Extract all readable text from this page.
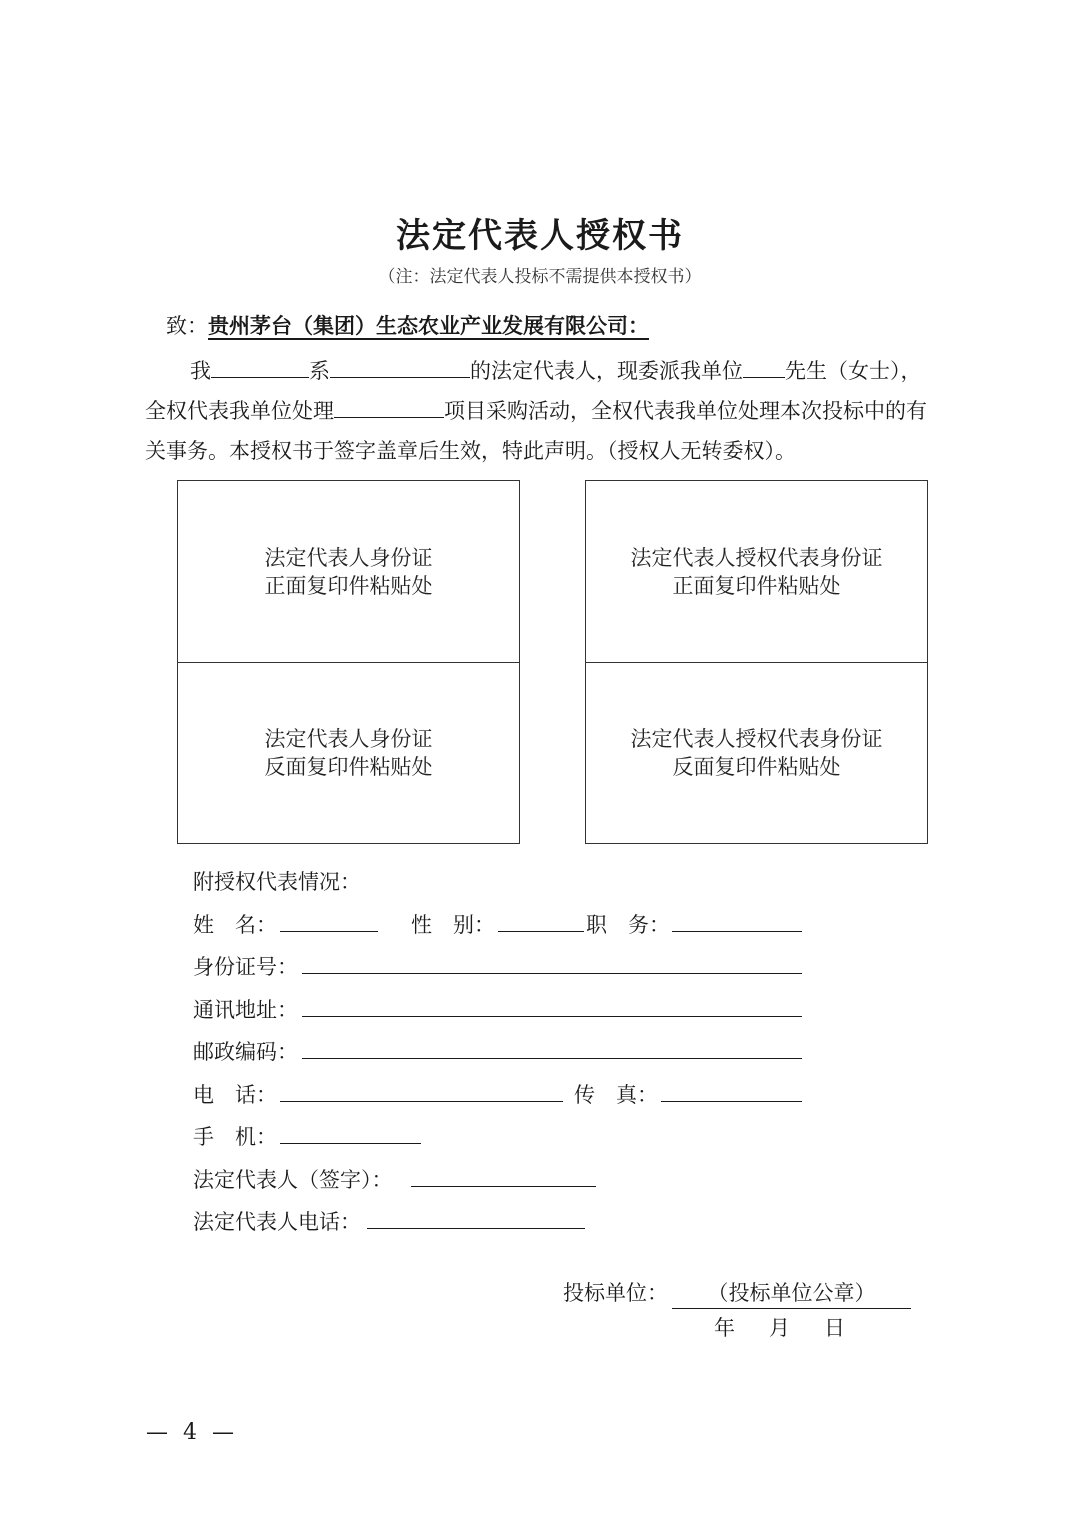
法定代表人授权书
（注：法定代表人投标不需提供本授权书）
致：贵州茅台（集团）生态农业产业发展有限公司：
我	系	的法定代表人，现委派我单位 先生（女士），
全权代表我单位处理	项目采购活动，全权代表我单位处理本次投标中的有
关事务。本授权书于签字盖章后生效，特此声明。（授权人无转委权）。
法定代表人身份证
正面复印件粘贴处
法定代表人身份证
反面复印件粘贴处
法定代表人授权代表身份证
正面复印件粘贴处
法定代表人授权代表身份证
反面复印件粘贴处
附授权代表情况：
姓　名：	性　别：	职　务：
身份证号：
通讯地址：
邮政编码：
电　话：	传　真：
手　机：
法定代表人（签字）：
法定代表人电话：
投标单位：	（投标单位公章）
年 月 日
— 4 —
